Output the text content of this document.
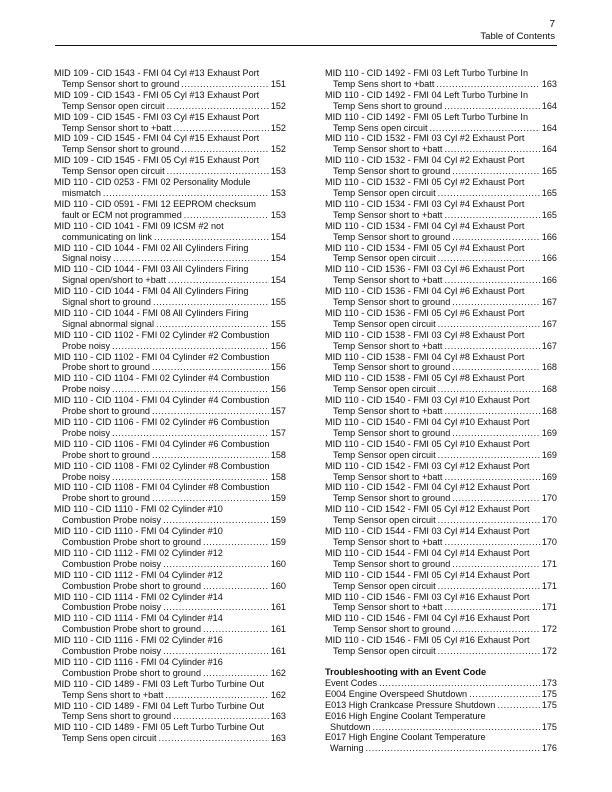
7
Table of Contents
MID 109 - CID 1543 - FMI 04 Cyl #13 Exhaust Port
Temp Sensor short to ground .....	151
MID 109 - CID 1543 - FMI 05 Cyl #13 Exhaust Port
Temp Sensor open circuit .....	152
MID 109 - CID 1545 - FMI 03 Cyl #15 Exhaust Port
Temp Sensor short to +batt .....	152
MID 109 - CID 1545 - FMI 04 Cyl #15 Exhaust Port
Temp Sensor short to ground .....	152
MID 109 - CID 1545 - FMI 05 Cyl #15 Exhaust Port
Temp Sensor open circuit .....	153
MID 110 - CID 0253 - FMI 02 Personality Module
mismatch .....	153
MID 110 - CID 0591 - FMI 12 EEPROM checksum
fault or ECM not programmed .....	153
MID 110 - CID 1041 - FMI 09 ICSM #2 not
communicating on link .....	154
MID 110 - CID 1044 - FMI 02 All Cylinders Firing
Signal noisy .....	154
MID 110 - CID 1044 - FMI 03 All Cylinders Firing
Signal open/short to +batt .....	154
MID 110 - CID 1044 - FMI 04 All Cylinders Firing
Signal short to ground .....	155
MID 110 - CID 1044 - FMI 08 All Cylinders Firing
Signal abnormal signal .....	155
MID 110 - CID 1102 - FMI 02 Cylinder #2 Combustion
Probe noisy .....	156
MID 110 - CID 1102 - FMI 04 Cylinder #2 Combustion
Probe short to ground .....	156
MID 110 - CID 1104 - FMI 02 Cylinder #4 Combustion
Probe noisy .....	156
MID 110 - CID 1104 - FMI 04 Cylinder #4 Combustion
Probe short to ground .....	157
MID 110 - CID 1106 - FMI 02 Cylinder #6 Combustion
Probe noisy .....	157
MID 110 - CID 1106 - FMI 04 Cylinder #6 Combustion
Probe short to ground .....	158
MID 110 - CID 1108 - FMI 02 Cylinder #8 Combustion
Probe noisy .....	158
MID 110 - CID 1108 - FMI 04 Cylinder #8 Combustion
Probe short to ground .....	159
MID 110 - CID 1110 - FMI 02 Cylinder #10
Combustion Probe noisy .....	159
MID 110 - CID 1110 - FMI 04 Cylinder #10
Combustion Probe short to ground .....	159
MID 110 - CID 1112 - FMI 02 Cylinder #12
Combustion Probe noisy .....	160
MID 110 - CID 1112 - FMI 04 Cylinder #12
Combustion Probe short to ground .....	160
MID 110 - CID 1114 - FMI 02 Cylinder #14
Combustion Probe noisy .....	161
MID 110 - CID 1114 - FMI 04 Cylinder #14
Combustion Probe short to ground .....	161
MID 110 - CID 1116 - FMI 02 Cylinder #16
Combustion Probe noisy .....	161
MID 110 - CID 1116 - FMI 04 Cylinder #16
Combustion Probe short to ground .....	162
MID 110 - CID 1489 - FMI 03 Left Turbo Turbine Out
Temp Sens short to +batt .....	162
MID 110 - CID 1489 - FMI 04 Left Turbo Turbine Out
Temp Sens short to ground .....	163
MID 110 - CID 1489 - FMI 05 Left Turbo Turbine Out
Temp Sens open circuit .....	163
MID 110 - CID 1492 - FMI 03 Left Turbo Turbine In
Temp Sens short to +batt .....	163
MID 110 - CID 1492 - FMI 04 Left Turbo Turbine In
Temp Sens short to ground .....	164
MID 110 - CID 1492 - FMI 05 Left Turbo Turbine In
Temp Sens open circuit .....	164
MID 110 - CID 1532 - FMI 03 Cyl #2 Exhaust Port
Temp Sensor short to +batt .....	164
MID 110 - CID 1532 - FMI 04 Cyl #2 Exhaust Port
Temp Sensor short to ground .....	165
MID 110 - CID 1532 - FMI 05 Cyl #2 Exhaust Port
Temp Sensor open circuit .....	165
MID 110 - CID 1534 - FMI 03 Cyl #4 Exhaust Port
Temp Sensor short to +batt .....	165
MID 110 - CID 1534 - FMI 04 Cyl #4 Exhaust Port
Temp Sensor short to ground .....	166
MID 110 - CID 1534 - FMI 05 Cyl #4 Exhaust Port
Temp Sensor open circuit .....	166
MID 110 - CID 1536 - FMI 03 Cyl #6 Exhaust Port
Temp Sensor short to +batt .....	166
MID 110 - CID 1536 - FMI 04 Cyl #6 Exhaust Port
Temp Sensor short to ground .....	167
MID 110 - CID 1536 - FMI 05 Cyl #6 Exhaust Port
Temp Sensor open circuit .....	167
MID 110 - CID 1538 - FMI 03 Cyl #8 Exhaust Port
Temp Sensor short to +batt .....	167
MID 110 - CID 1538 - FMI 04 Cyl #8 Exhaust Port
Temp Sensor short to ground .....	168
MID 110 - CID 1538 - FMI 05 Cyl #8 Exhaust Port
Temp Sensor open circuit .....	168
MID 110 - CID 1540 - FMI 03 Cyl #10 Exhaust Port
Temp Sensor short to +batt .....	168
MID 110 - CID 1540 - FMI 04 Cyl #10 Exhaust Port
Temp Sensor short to ground .....	169
MID 110 - CID 1540 - FMI 05 Cyl #10 Exhaust Port
Temp Sensor open circuit .....	169
MID 110 - CID 1542 - FMI 03 Cyl #12 Exhaust Port
Temp Sensor short to +batt .....	169
MID 110 - CID 1542 - FMI 04 Cyl #12 Exhaust Port
Temp Sensor short to ground .....	170
MID 110 - CID 1542 - FMI 05 Cyl #12 Exhaust Port
Temp Sensor open circuit .....	170
MID 110 - CID 1544 - FMI 03 Cyl #14 Exhaust Port
Temp Sensor short to +batt .....	170
MID 110 - CID 1544 - FMI 04 Cyl #14 Exhaust Port
Temp Sensor short to ground .....	171
MID 110 - CID 1544 - FMI 05 Cyl #14 Exhaust Port
Temp Sensor open circuit .....	171
MID 110 - CID 1546 - FMI 03 Cyl #16 Exhaust Port
Temp Sensor short to +batt .....	171
MID 110 - CID 1546 - FMI 04 Cyl #16 Exhaust Port
Temp Sensor short to ground .....	172
MID 110 - CID 1546 - FMI 05 Cyl #16 Exhaust Port
Temp Sensor open circuit .....	172
Troubleshooting with an Event Code
Event Codes .....	173
E004 Engine Overspeed Shutdown .....	175
E013 High Crankcase Pressure Shutdown .....	175
E016 High Engine Coolant Temperature
Shutdown .....	175
E017 High Engine Coolant Temperature
Warning .....	176
